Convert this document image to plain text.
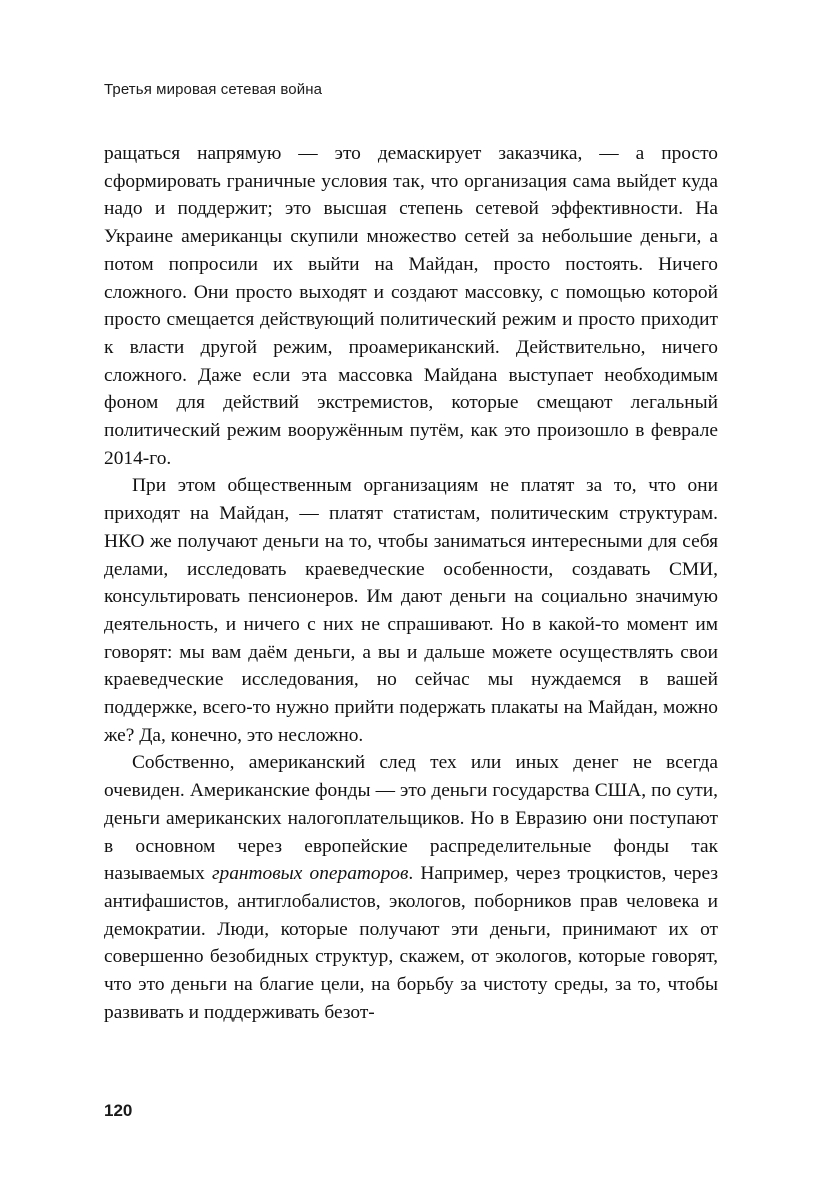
Третья мировая сетевая война

ращаться напрямую — это демаскирует заказчика, — а просто сформировать граничные условия так, что организация сама выйдет куда надо и поддержит; это высшая степень сетевой эффективности. На Украине американцы скупили множество сетей за небольшие деньги, а потом попросили их выйти на Майдан, просто постоять. Ничего сложного. Они просто выходят и создают массовку, с помощью которой просто смещается действующий политический режим и просто приходит к власти другой режим, проамериканский. Действительно, ничего сложного. Даже если эта массовка Майдана выступает необходимым фоном для действий экстремистов, которые смещают легальный политический режим вооружённым путём, как это произошло в феврале 2014-го.

При этом общественным организациям не платят за то, что они приходят на Майдан, — платят статистам, политическим структурам. НКО же получают деньги на то, чтобы заниматься интересными для себя делами, исследовать краеведческие особенности, создавать СМИ, консультировать пенсионеров. Им дают деньги на социально значимую деятельность, и ничего с них не спрашивают. Но в какой-то момент им говорят: мы вам даём деньги, а вы и дальше можете осуществлять свои краеведческие исследования, но сейчас мы нуждаемся в вашей поддержке, всего-то нужно прийти подержать плакаты на Майдан, можно же? Да, конечно, это несложно.

Собственно, американский след тех или иных денег не всегда очевиден. Американские фонды — это деньги государства США, по сути, деньги американских налогоплательщиков. Но в Евразию они поступают в основном через европейские распределительные фонды так называемых грантовых операторов. Например, через троцкистов, через антифашистов, антиглобалистов, экологов, поборников прав человека и демократии. Люди, которые получают эти деньги, принимают их от совершенно безобидных структур, скажем, от экологов, которые говорят, что это деньги на благие цели, на борьбу за чистоту среды, за то, чтобы развивать и поддерживать безот-

120
